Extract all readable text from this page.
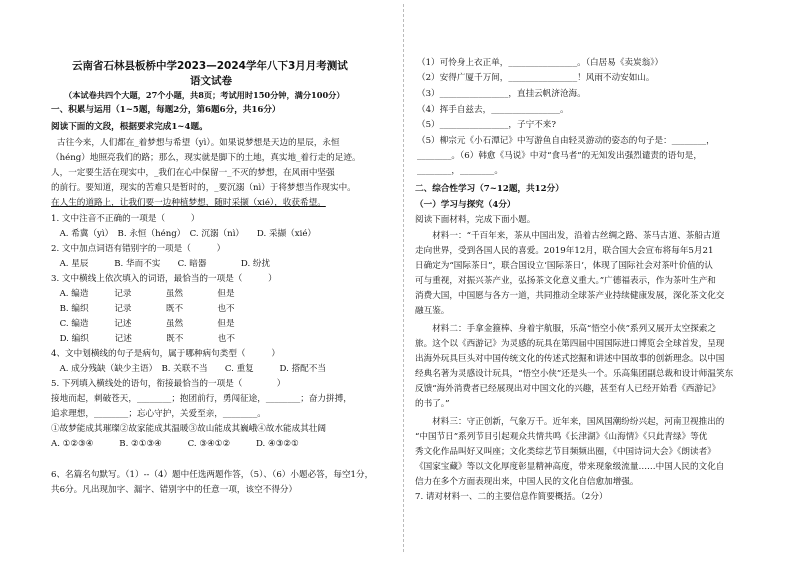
云南省石林县板桥中学2023—2024学年八下3月月考测试
语文试卷
（本试卷共四个大题，27个小题，共8页；考试用时150分钟，满分100分）
一、积累与运用（1~5题，每题2分，第6题6分，共16分）
阅读下面的文段，根据要求完成1~4题。
古往今来，人们都在_着梦想与希望（yì）。如果说梦想是天边的星辰，永恒
（héng）地照亮我们的路；那么，现实就是脚下的土地，真实地_着行走的足迹。
人，一定要生活在现实中，_我们在心中保留一_不灭的梦想，在风雨中坚强
的前行。要知道，现实的苦难只是暂时的，_要沉溺（nì）于将梦想当作现实中。
在人生的道路上，让我们要一边种植梦想，随时采撷（xié），收获希望。
1. 文中注音不正确的一项是（　　　）
　A. 希冀（yì）　B. 永恒（héng）　C. 沉溺（nì）　　D. 采撷（xié）
2. 文中加点词语有错别字的一项是（　　　）
　A. 星辰　　　B. 华而不实　　C. 暗器　　　　D. 纷扰
3. 文中横线上依次填入的词语，最恰当的一项是（　　　）
　A. 编造　　　记录　　　　虽然　　　　但是
　B. 编织　　　记录　　　　既不　　　　也不
　C. 编造　　　记述　　　　虽然　　　　但是
　D. 编织　　　记述　　　　既不　　　　也不
4、文中划横线的句子是病句，属于哪种病句类型（　　　）
　A. 成分残缺（缺少主语）　B. 关联不当　　C. 重复　　　D. 搭配不当
5. 下列填入横线处的语句，衔接最恰当的一项是（　　　　）
接地而起，刺破苍天，________；抱团前行，勇闯征途，________；奋力拼搏，
追求理想，________；忘心守护，关爱至亲，________。
①故梦能成其璀璨②故家能成其温暖③故山能成其巍峨④故水能成其壮阔
A. ①②③④　　　B. ②①③④　　　C. ③④①②　　　D. ④③②①
6、名篇名句默写。（1）--（4）题中任选两题作答，（5）、（6）小题必答，每空1分，
共6分。凡出现加字、漏字、错别字中的任意一项，该空不得分）
（1）可怜身上衣正单，________________。（白居易《卖炭翁》）
（2）安得广厦千万间，________________！风雨不动安如山。
（3）________________，直挂云帆济沧海。
（4）挥手自兹去，________________。
（5）________________，子宁不来?
（5）柳宗元《小石潭记》中写游鱼自由轻灵游动的姿态的句子是：________，
________。（6）韩愈《马说》中对“食马者”的无知发出强烈谴责的语句是，
________，________。
二、综合性学习（7~12题，共12分）
（一）学习与探究（4分）
阅读下面材料，完成下面小题。
　　材料一：“千百年来，茶从中国出发，沿着古丝绸之路、茶马古道、茶船古道
走向世界，受到各国人民的喜爱。2019年12月，联合国大会宣布将每年5月21
日确定为“国际茶日”，联合国设立‘国际茶日’，体现了国际社会对茶叶价值的认
可与重视，对振兴茶产业，弘扬茶文化意义重大。”广德福表示，作为茶叶生产和
消费大国，中国愿与各方一道，共同推动全球茶产业持续健康发展，深化茶文化交
融互鉴。
　　材料二：手拿金箍棒、身着宇航服，乐高“悟空小侠”系列又展开太空探索之
旅。这个以《西游记》为灵感的玩具在第四届中国国际进口博览会全球首发，呈现
出海外玩具巨头对中国传统文化的传述式挖掘和讲述中国故事的创新理念。以中国
经典名著为灵感设计玩具，“悟空小侠”还是头一个。乐高集团副总裁和设计师温笑东
反馈“海外消费者已经展现出对中国文化的兴趣，甚至有人已经开始看《西游记》
的书了。”
　　材料三：守正创新，气象万千。近年来，国风国潮纷纷兴起，河南卫视推出的
“中国节日”系列节目引起观众共情共鸣《长津湖》《山海情》《只此青绿》等优
秀文化作品叫好又叫座；文化类综艺节目频频出圈，《中国诗词大会》《朗读者》
《国家宝藏》等以文化厚度彰显精神高度，带来现象级流量……中国人民的文化自
信力在多个方面表现出来，中国人民的文化自信愈加增强。
7. 请对材料一、二的主要信息作简要概括。（2分）
